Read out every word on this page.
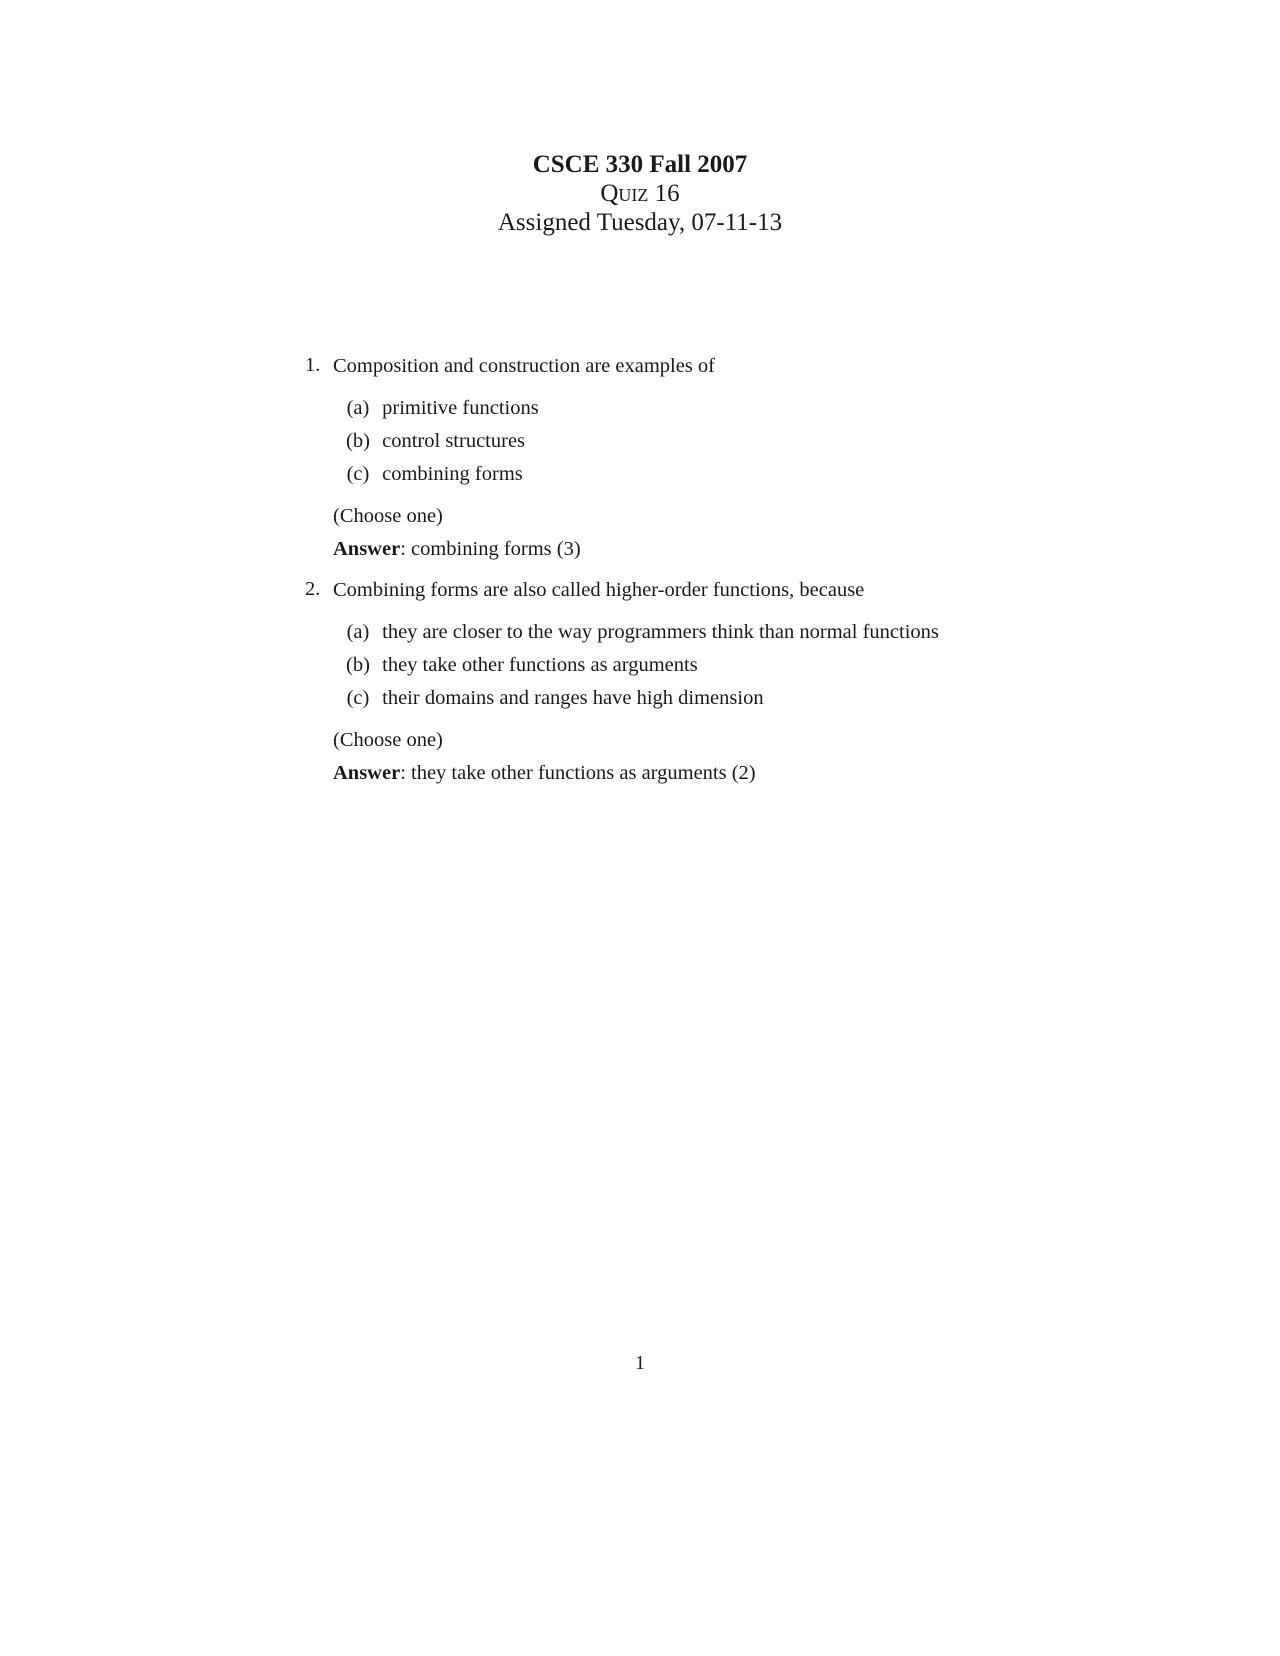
CSCE 330 Fall 2007
Quiz 16
Assigned Tuesday, 07-11-13
1. Composition and construction are examples of
(a) primitive functions
(b) control structures
(c) combining forms
(Choose one)
Answer: combining forms (3)
2. Combining forms are also called higher-order functions, because
(a) they are closer to the way programmers think than normal functions
(b) they take other functions as arguments
(c) their domains and ranges have high dimension
(Choose one)
Answer: they take other functions as arguments (2)
1
